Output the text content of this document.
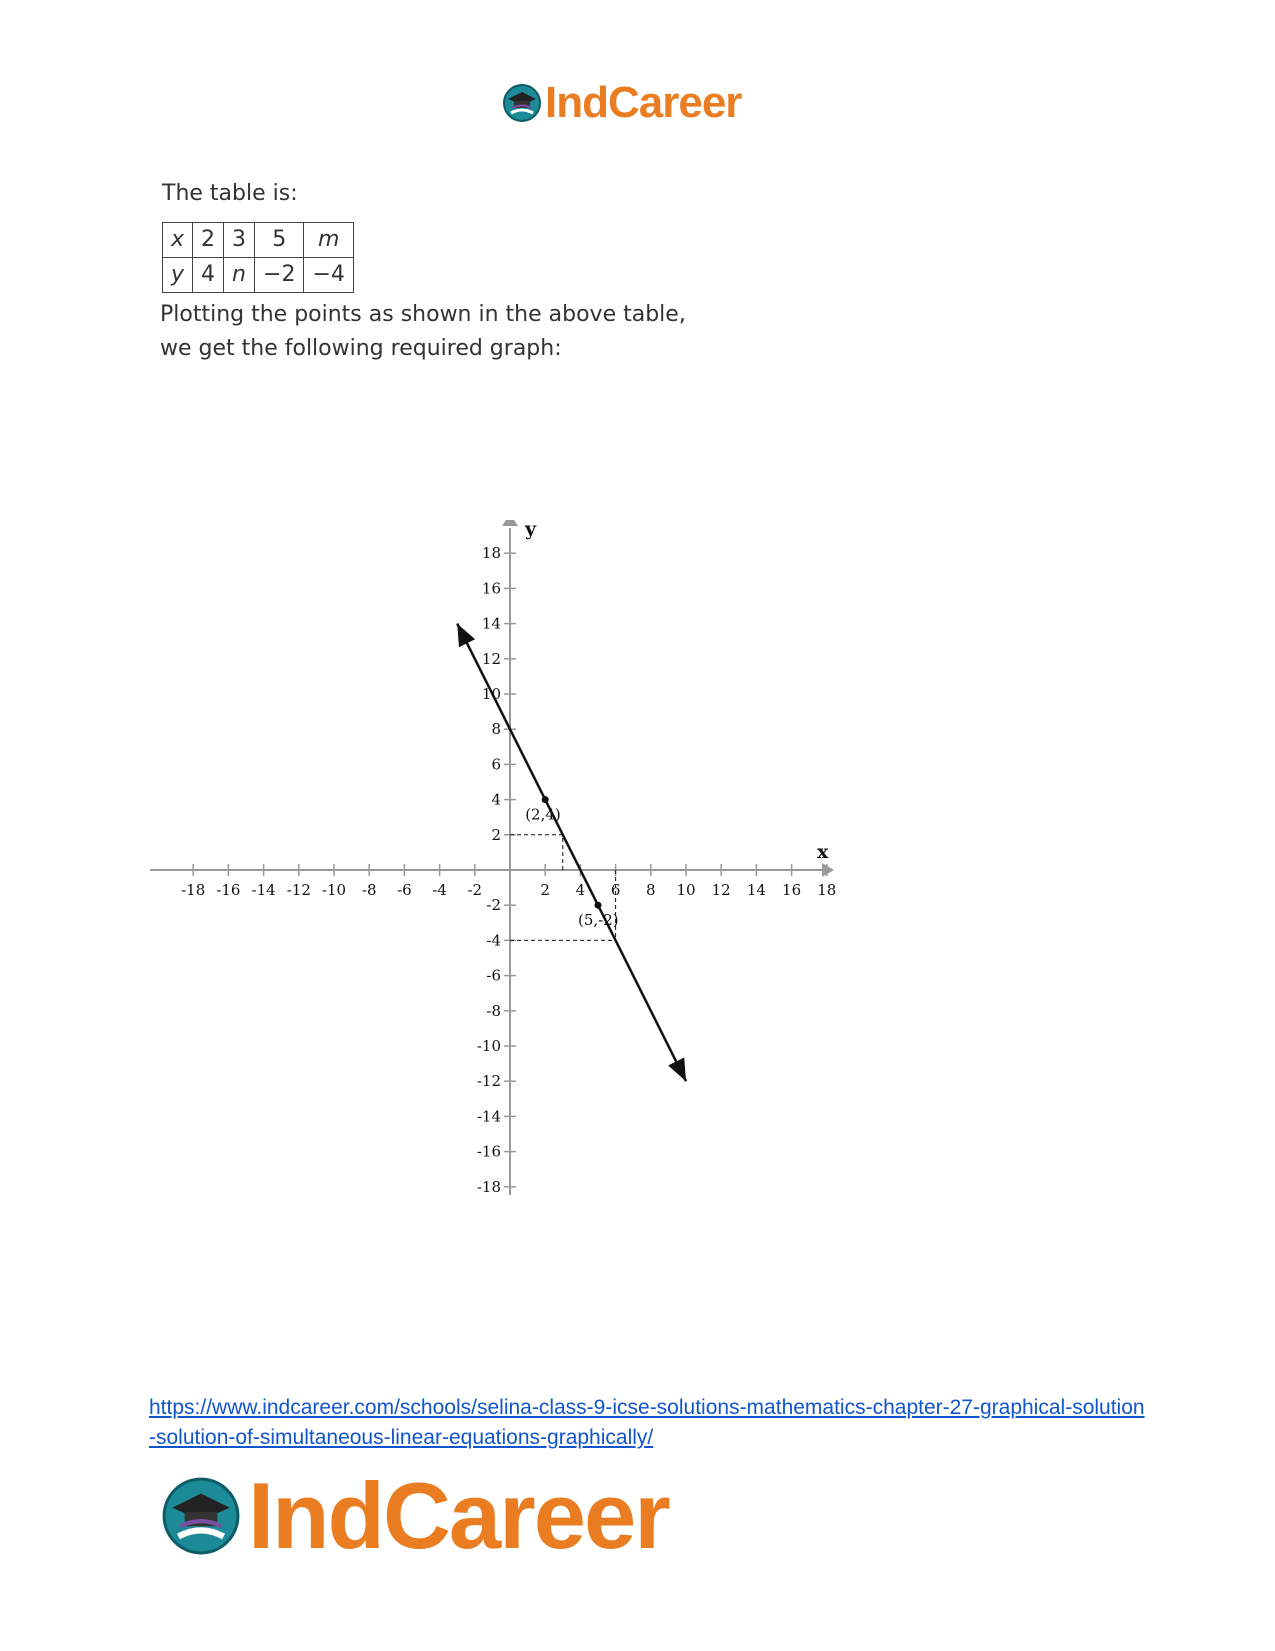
IndCareer
The table is:
x	2	3	5	m
y	4	n	−2	−4
Plotting the points as shown in the above table,
we get the following required graph:
x
y
-18 -16 -14 -12 -10 -8 -6 -4 -2	2 4 6 8 10 12 14 16 18
18
16
14
12
10
8
6
4
2
-2
-4
-6
-8
-10
-12
-14
-16
-18
(2,4)
(5,-2)
https://www.indcareer.com/schools/selina-class-9-icse-solutions-mathematics-chapter-27-graphical-solution-solution-of-simultaneous-linear-equations-graphically/
IndCareer
